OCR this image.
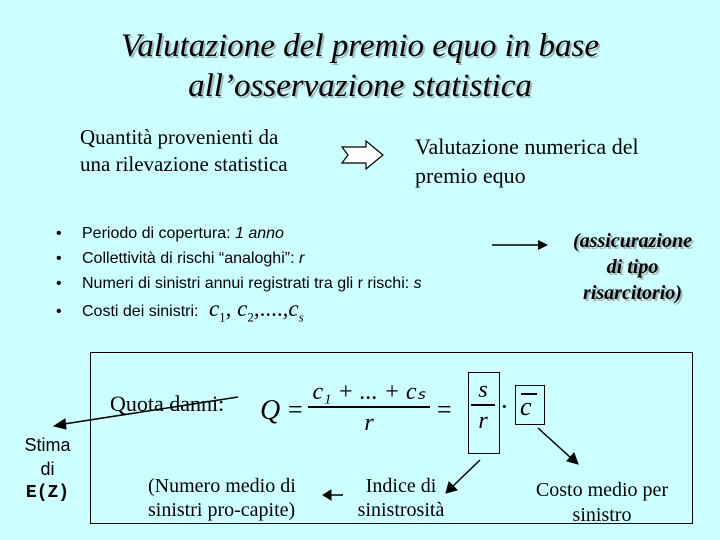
Valutazione del premio equo in base
all’osservazione statistica
Quantità provenienti da
una rilevazione statistica
Valutazione numerica del
premio equo
• Periodo di copertura: 1 anno
• Collettività di rischi “analoghi”: r
• Numeri di sinistri annui registrati tra gli r rischi: s
• Costi dei sinistri: $c_1$, $c_2,....,c_s$
(assicurazione
di tipo
risarcitorio)
Quota danni: Q =
c₁ + ... + cₛ
r	=
s
r · c
Stima
di
E(Z)	(Numero medio di
sinistri pro-capite)
Indice di
sinistrosità
Costo medio per
sinistro
